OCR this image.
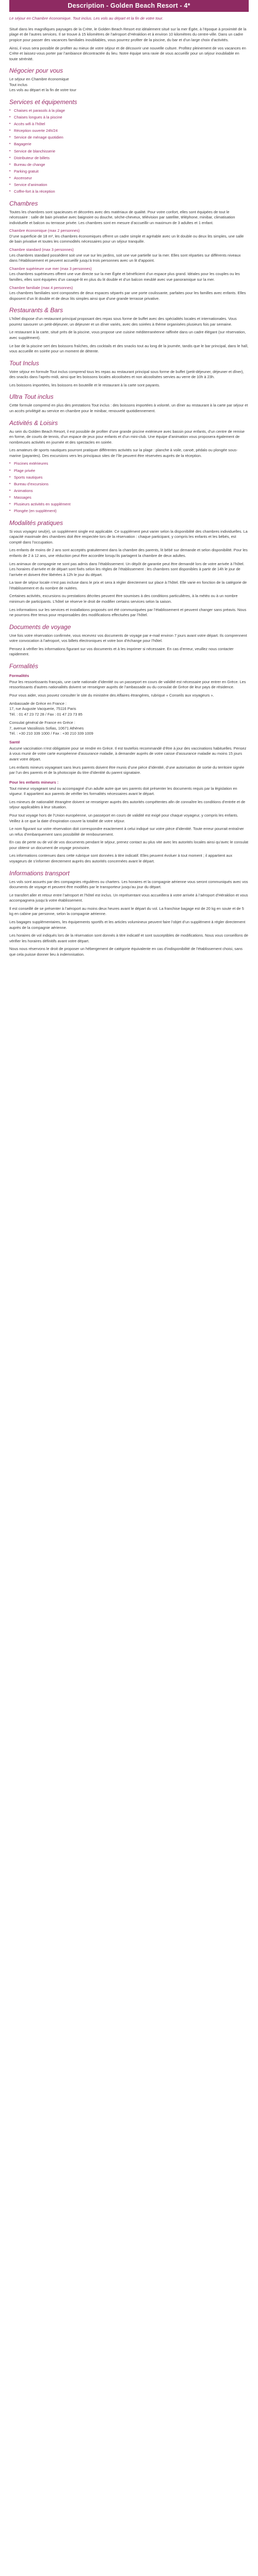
Description - Golden Beach Resort - 4*
Le séjour en Chambre économique. Tout inclus. Les vols au départ et la fin de votre tour.

Situé dans les magnifiques paysages de la Crète, le Golden Beach Resort est idéalement situé sur la mer Égée, à l’époque à proximité de la plage et de l’autres services. Il se trouve à 15 kilomètres de l’aéroport d’Héraklion et à environ 10 kilomètres du centre-ville. Dans un cadre propice pour passer des vacances familiales inoubliables, vous pourrez profiter de la piscine, du bar et d’un large choix d’activités.

Ainsi, il vous sera possible de profiter au mieux de votre séjour et de découvrir une nouvelle culture. Profitez pleinement de vos vacances en Crète et laissez-vous porter par l’ambiance décontractée du lieu. Notre équipe sera ravie de vous accueillir pour un séjour inoubliable en toute sérénité.

Négocier pour vous

Le séjour en Chambre économique

Tout inclus

Les vols au départ et la fin de votre tour

Services et équipements
• Chaises et parasols à la plage
• Chaises longues à la piscine
• Accès wifi à l’hôtel
• Réception ouverte 24h/24
• Service de ménage quotidien
• Bagagerie
• Service de blanchisserie
• Distributeur de billets
• Bureau de change
• Parking gratuit
• Ascenseur
• Service d’animation
• Coffre-fort à la réception
Chambres

Toutes les chambres sont spacieuses et décorées avec des matériaux de qualité. Pour votre confort, elles sont équipées de tout le nécessaire : salle de bain privative avec baignoire ou douche, sèche-cheveux, télévision par satellite, téléphone, minibar, climatisation individuelle et balcon ou terrasse privée. Les chambres sont en mesure d’accueillir un maximum de 3 adultes et 1 enfant.

Chambre économique (max 2 personnes)

D’une superficie de 18 m², les chambres économiques offrent un cadre simple et agréable avec un lit double ou deux lits simples, une salle de bain privative et toutes les commodités nécessaires pour un séjour tranquille.

Chambre standard (max 3 personnes)

Les chambres standard possèdent soit une vue sur les jardins, soit une vue partielle sur la mer. Elles sont réparties sur différents niveaux dans l’établissement et peuvent accueillir jusqu’à trois personnes avec un lit d’appoint.

Chambre supérieure vue mer (max 3 personnes)

Les chambres supérieures offrent une vue directe sur la mer Égée et bénéficient d’un espace plus grand. Idéales pour les couples ou les familles, elles sont équipées d’un canapé-lit en plus du lit double et d’un balcon meublé avec vue panoramique sur la mer.

Chambre familiale (max 4 personnes)

Les chambres familiales sont composées de deux espaces séparés par une porte coulissante, parfaites pour les familles avec enfants. Elles disposent d’un lit double et de deux lits simples ainsi que d’une grande terrasse privative.

Restaurants & Bars

L’hôtel dispose d’un restaurant principal proposant des repas sous forme de buffet avec des spécialités locales et internationales. Vous pourrez savourer un petit-déjeuner, un déjeuner et un dîner variés, avec des soirées à thème organisées plusieurs fois par semaine.

Le restaurant à la carte, situé près de la piscine, vous propose une cuisine méditerranéenne raffinée dans un cadre élégant (sur réservation, avec supplément).

Le bar de la piscine sert des boissons fraîches, des cocktails et des snacks tout au long de la journée, tandis que le bar principal, dans le hall, vous accueille en soirée pour un moment de détente.

Tout Inclus

Votre séjour en formule Tout inclus comprend tous les repas au restaurant principal sous forme de buffet (petit-déjeuner, déjeuner et dîner), des snacks dans l’après-midi, ainsi que les boissons locales alcoolisées et non alcoolisées servies au verre de 10h à 23h.

Les boissons importées, les boissons en bouteille et le restaurant à la carte sont payants.

Ultra Tout inclus

Cette formule comprend en plus des prestations Tout inclus : des boissons importées à volonté, un dîner au restaurant à la carte par séjour et un accès privilégié au service en chambre pour le minibar, renouvelé quotidiennement.

Activités & Loisirs

Au sein du Golden Beach Resort, il est possible de profiter d’une grande piscine extérieure avec bassin pour enfants, d’un centre de remise en forme, de courts de tennis, d’un espace de jeux pour enfants et d’un mini-club. Une équipe d’animation vous proposera également de nombreuses activités en journée et des spectacles en soirée.

Les amateurs de sports nautiques pourront pratiquer différentes activités sur la plage : planche à voile, canoë, pédalo ou plongée sous-marine (payantes). Des excursions vers les principaux sites de l’île peuvent être réservées auprès de la réception.

• Piscines extérieures
• Plage privée
• Sports nautiques
• Bureau d’excursions
• Animations
• Massages
• Plusieurs activités en supplément
• Plongée (en supplément)
Modalités pratiques

Si vous voyagez seul(e), un supplément single est applicable. Ce supplément peut varier selon la disponibilité des chambres individuelles. La capacité maximale des chambres doit être respectée lors de la réservation : chaque participant, y compris les enfants et les bébés, est compté dans l’occupation.

Les enfants de moins de 2 ans sont acceptés gratuitement dans la chambre des parents, lit bébé sur demande et selon disponibilité. Pour les enfants de 2 à 12 ans, une réduction peut être accordée lorsqu’ils partagent la chambre de deux adultes.

Les animaux de compagnie ne sont pas admis dans l’établissement. Un dépôt de garantie peut être demandé lors de votre arrivée à l’hôtel. Les horaires d’arrivée et de départ sont fixés selon les règles de l’établissement : les chambres sont disponibles à partir de 14h le jour de l’arrivée et doivent être libérées à 12h le jour du départ.

La taxe de séjour locale n’est pas incluse dans le prix et sera à régler directement sur place à l’hôtel. Elle varie en fonction de la catégorie de l’établissement et du nombre de nuitées.

Certaines activités, excursions ou prestations décrites peuvent être soumises à des conditions particulières, à la météo ou à un nombre minimum de participants. L’hôtel se réserve le droit de modifier certains services selon la saison.

Les informations sur les services et installations proposés ont été communiquées par l’établissement et peuvent changer sans préavis. Nous ne pourrons être tenus pour responsables des modifications effectuées par l’hôtel.

Documents de voyage

Une fois votre réservation confirmée, vous recevrez vos documents de voyage par e-mail environ 7 jours avant votre départ. Ils comprennent votre convocation à l’aéroport, vos billets électroniques et votre bon d’échange pour l’hôtel.

Pensez à vérifier les informations figurant sur vos documents et à les imprimer si nécessaire. En cas d’erreur, veuillez nous contacter rapidement.

Formalités
Formalités

Pour les ressortissants français, une carte nationale d’identité ou un passeport en cours de validité est nécessaire pour entrer en Grèce. Les ressortissants d’autres nationalités doivent se renseigner auprès de l’ambassade ou du consulat de Grèce de leur pays de résidence.

Pour vous aider, vous pouvez consulter le site du ministère des Affaires étrangères, rubrique « Conseils aux voyageurs ».

Ambassade de Grèce en France :
17, rue Auguste Vacquerie, 75116 Paris
Tél. : 01 47 23 72 28 / Fax : 01 47 23 73 85
Consulat général de France en Grèce :
7, avenue Vassilissis Sofias, 10671 Athènes
Tél. : +30 210 339 1000 / Fax : +30 210 339 1009
Santé

Aucune vaccination n’est obligatoire pour se rendre en Grèce. Il est toutefois recommandé d’être à jour des vaccinations habituelles. Pensez à vous munir de votre carte européenne d’assurance maladie, à demander auprès de votre caisse d’assurance maladie au moins 15 jours avant votre départ.

Les enfants mineurs voyageant sans leurs parents doivent être munis d’une pièce d’identité, d’une autorisation de sortie du territoire signée par l’un des parents et de la photocopie du titre d’identité du parent signataire.

Pour les enfants mineurs :

Tout mineur voyageant seul ou accompagné d’un adulte autre que ses parents doit présenter les documents requis par la législation en vigueur. Il appartient aux parents de vérifier les formalités nécessaires avant le départ.

Les mineurs de nationalité étrangère doivent se renseigner auprès des autorités compétentes afin de connaître les conditions d’entrée et de séjour applicables à leur situation.

Pour tout voyage hors de l’Union européenne, un passeport en cours de validité est exigé pour chaque voyageur, y compris les enfants. Veillez à ce que la date d’expiration couvre la totalité de votre séjour.

Le nom figurant sur votre réservation doit correspondre exactement à celui indiqué sur votre pièce d’identité. Toute erreur pourrait entraîner un refus d’embarquement sans possibilité de remboursement.

En cas de perte ou de vol de vos documents pendant le séjour, prenez contact au plus vite avec les autorités locales ainsi qu’avec le consulat pour obtenir un document de voyage provisoire.

Les informations contenues dans cette rubrique sont données à titre indicatif. Elles peuvent évoluer à tout moment ; il appartient aux voyageurs de s’informer directement auprès des autorités concernées avant le départ.

Informations transport

Les vols sont assurés par des compagnies régulières ou charters. Les horaires et la compagnie aérienne vous seront communiqués avec vos documents de voyage et peuvent être modifiés par le transporteur jusqu’au jour du départ.

Le transfert aller et retour entre l’aéroport et l’hôtel est inclus. Un représentant vous accueillera à votre arrivée à l’aéroport d’Héraklion et vous accompagnera jusqu’à votre établissement.

Il est conseillé de se présenter à l’aéroport au moins deux heures avant le départ du vol. La franchise bagage est de 20 kg en soute et de 5 kg en cabine par personne, selon la compagnie aérienne.

Les bagages supplémentaires, les équipements sportifs et les articles volumineux peuvent faire l’objet d’un supplément à régler directement auprès de la compagnie aérienne.

Les horaires de vol indiqués lors de la réservation sont donnés à titre indicatif et sont susceptibles de modifications. Nous vous conseillons de vérifier les horaires définitifs avant votre départ.

Nous nous réservons le droit de proposer un hébergement de catégorie équivalente en cas d’indisponibilité de l’établissement choisi, sans que cela puisse donner lieu à indemnisation.
